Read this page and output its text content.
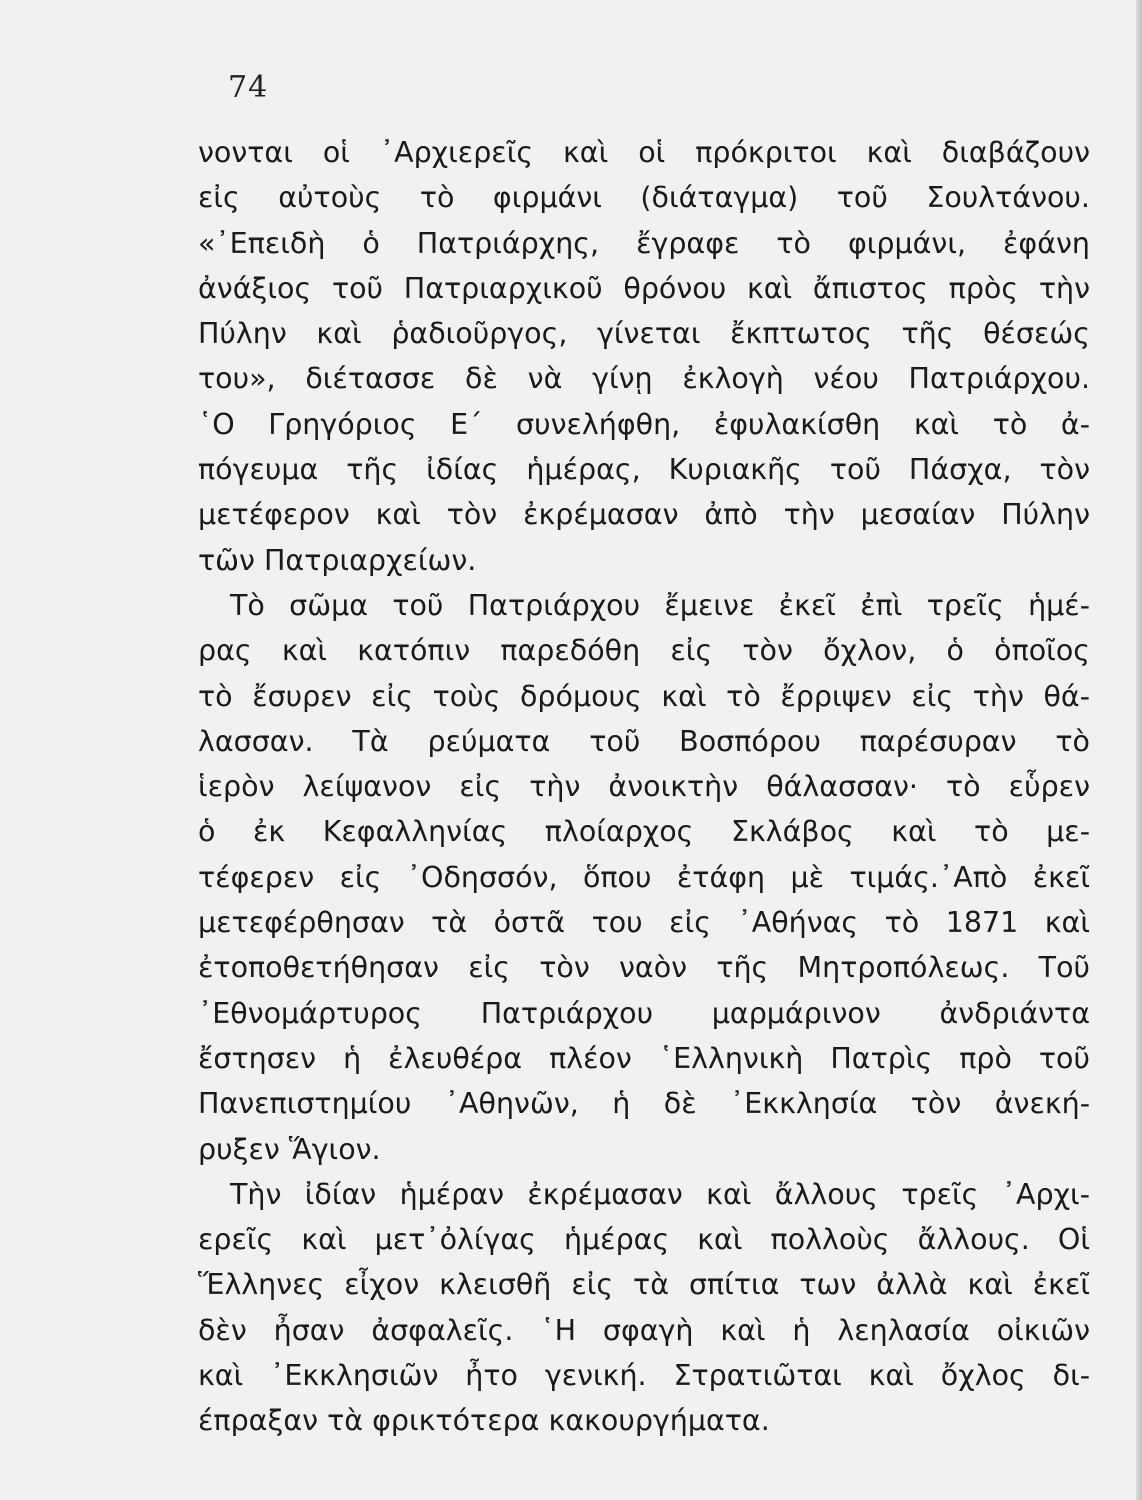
74
νονται οἱ ᾿Αρχιερεῖς καὶ οἱ πρόκριτοι καὶ διαβάζουν
εἰς αὐτοὺς τὸ φιρμάνι (διάταγμα) τοῦ Σουλτάνου.
«᾿Επειδὴ ὁ Πατριάρχης, ἔγραφε τὸ φιρμάνι, ἐφάνη
ἀνάξιος τοῦ Πατριαρχικοῦ θρόνου καὶ ἄπιστος πρὸς τὴν
Πύλην καὶ ῥαδιοῦργος, γίνεται ἔκπτωτος τῆς θέσεώς
του», διέτασσε δὲ νὰ γίνῃ ἐκλογὴ νέου Πατριάρχου.
῾Ο Γρηγόριος Ε΄ συνελήφθη, ἐφυλακίσθη καὶ τὸ ἀ-
πόγευμα τῆς ἰδίας ἡμέρας, Κυριακῆς τοῦ Πάσχα, τὸν
μετέφερον καὶ τὸν ἐκρέμασαν ἀπὸ τὴν μεσαίαν Πύλην
τῶν Πατριαρχείων.
Τὸ σῶμα τοῦ Πατριάρχου ἔμεινε ἐκεῖ ἐπὶ τρεῖς ἡμέ-
ρας καὶ κατόπιν παρεδόθη εἰς τὸν ὄχλον, ὁ ὁποῖος
τὸ ἔσυρεν εἰς τοὺς δρόμους καὶ τὸ ἔρριψεν εἰς τὴν θά-
λασσαν. Τὰ ρεύματα τοῦ Βοσπόρου παρέσυραν τὸ
ἱερὸν λείψανον εἰς τὴν ἀνοικτὴν θάλασσαν· τὸ εὗρεν
ὁ ἐκ Κεφαλληνίας πλοίαρχος Σκλάβος καὶ τὸ με-
τέφερεν εἰς ᾿Οδησσόν, ὅπου ἐτάφη μὲ τιμάς.᾿Απὸ ἐκεῖ
μετεφέρθησαν τὰ ὀστᾶ του εἰς ᾿Αθήνας τὸ 1871 καὶ
ἐτοποθετήθησαν εἰς τὸν ναὸν τῆς Μητροπόλεως. Τοῦ
᾿Εθνομάρτυρος Πατριάρχου μαρμάρινον ἀνδριάντα
ἔστησεν ἡ ἐλευθέρα πλέον ῾Ελληνικὴ Πατρὶς πρὸ τοῦ
Πανεπιστημίου ᾿Αθηνῶν, ἡ δὲ ᾿Εκκλησία τὸν ἀνεκή-
ρυξεν Ἅγιον.
Τὴν ἰδίαν ἡμέραν ἐκρέμασαν καὶ ἄλλους τρεῖς ᾿Αρχι-
ερεῖς καὶ μετ᾿ὀλίγας ἡμέρας καὶ πολλοὺς ἄλλους. Οἱ
Ἕλληνες εἶχον κλεισθῆ εἰς τὰ σπίτια των ἀλλὰ καὶ ἐκεῖ
δὲν ἦσαν ἀσφαλεῖς. ῾Η σφαγὴ καὶ ἡ λεηλασία οἰκιῶν
καὶ ᾿Εκκλησιῶν ἦτο γενική. Στρατιῶται καὶ ὄχλος δι-
έπραξαν τὰ φρικτότερα κακουργήματα.
